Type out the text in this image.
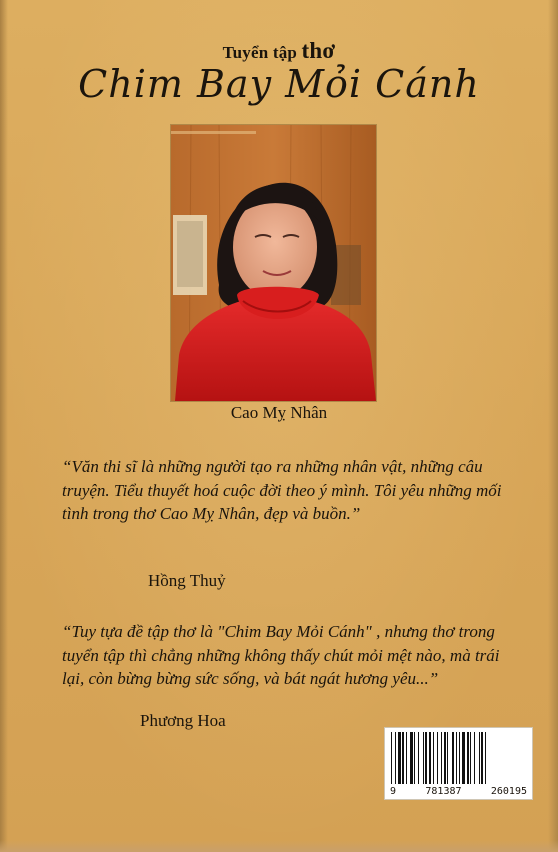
Tuyển tập thơ
Chim Bay Mỏi Cánh
Cao Mỵ Nhân
“Văn thi sĩ là những người tạo ra những nhân vật, những câu truyện. Tiểu thuyết hoá cuộc đời theo ý mình. Tôi yêu những mối tình trong thơ Cao Mỵ Nhân, đẹp và buồn.”
Hồng Thuỷ
“Tuy tựa đề tập thơ là "Chim Bay Mỏi Cánh" , nhưng thơ trong tuyển tập thì chẳng những không thấy chút mỏi mệt nào, mà trái lại, còn bừng bừng sức sống, và bát ngát hương yêu...”
Phương Hoa
9	781387	260195
